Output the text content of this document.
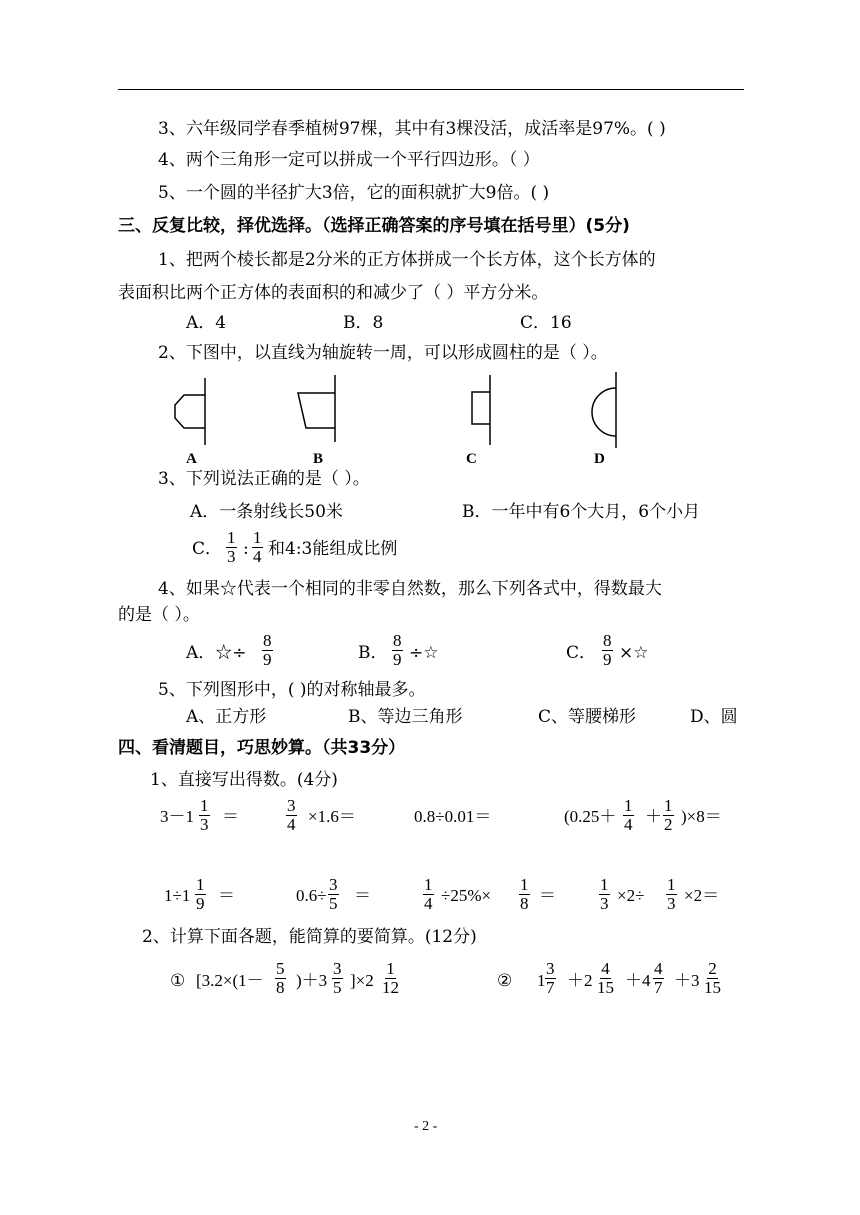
3、六年级同学春季植树97棵，其中有3棵没活，成活率是97%。( )
4、两个三角形一定可以拼成一个平行四边形。（ ）
5、一个圆的半径扩大3倍，它的面积就扩大9倍。( )
三、反复比较，择优选择。（选择正确答案的序号填在括号里）(5分)
1、把两个棱长都是2分米的正方体拼成一个长方体，这个长方体的
表面积比两个正方体的表面积的和减少了（ ）平方分米。
A．4	B．8	C．16
2、下图中，以直线为轴旋转一周，可以形成圆柱的是（ ）。
A	B	C	D
3、下列说法正确的是（ ）。
A．一条射线长50米	B．一年中有6个大月，6个小月
C． $\frac{1}{3}$ : $\frac{1}{4}$ 和4:3能组成比例
4、如果☆代表一个相同的非零自然数，那么下列各式中，得数最大
的是（ ）。
A．☆÷ $\frac{8}{9}$	B． $\frac{8}{9}$ ÷☆	C． $\frac{8}{9}$ ×☆
5、下列图形中，( )的对称轴最多。
A、正方形	B、等边三角形	C、等腰梯形	D、圆
四、看清题目，巧思妙算。（共33分）
1、直接写出得数。(4分)
$3-1 \frac{1}{3}$ ＝	$\frac{3}{4} \times 1.6=$	0.8÷0.01＝	$(0.25+ \frac{1}{4} + \frac{1}{2} )\times 8=$
$1\div 1 \frac{1}{9}$ ＝	$0.6\div \frac{3}{5}$ ＝	$\frac{1}{4} \div 25\%\times \frac{1}{8}$ ＝	$\frac{1}{3} \times 2\div \frac{1}{3} \times 2=$
2、计算下面各题，能简算的要简算。(12分)
① $[3.2\times(1- \frac{5}{8} )+3 \frac{3}{5} ]\times 2 \frac{1}{12}$	② $1 \frac{3}{7} +2 \frac{4}{15} +4 \frac{4}{7} +3 \frac{2}{15}$
- 2 -
